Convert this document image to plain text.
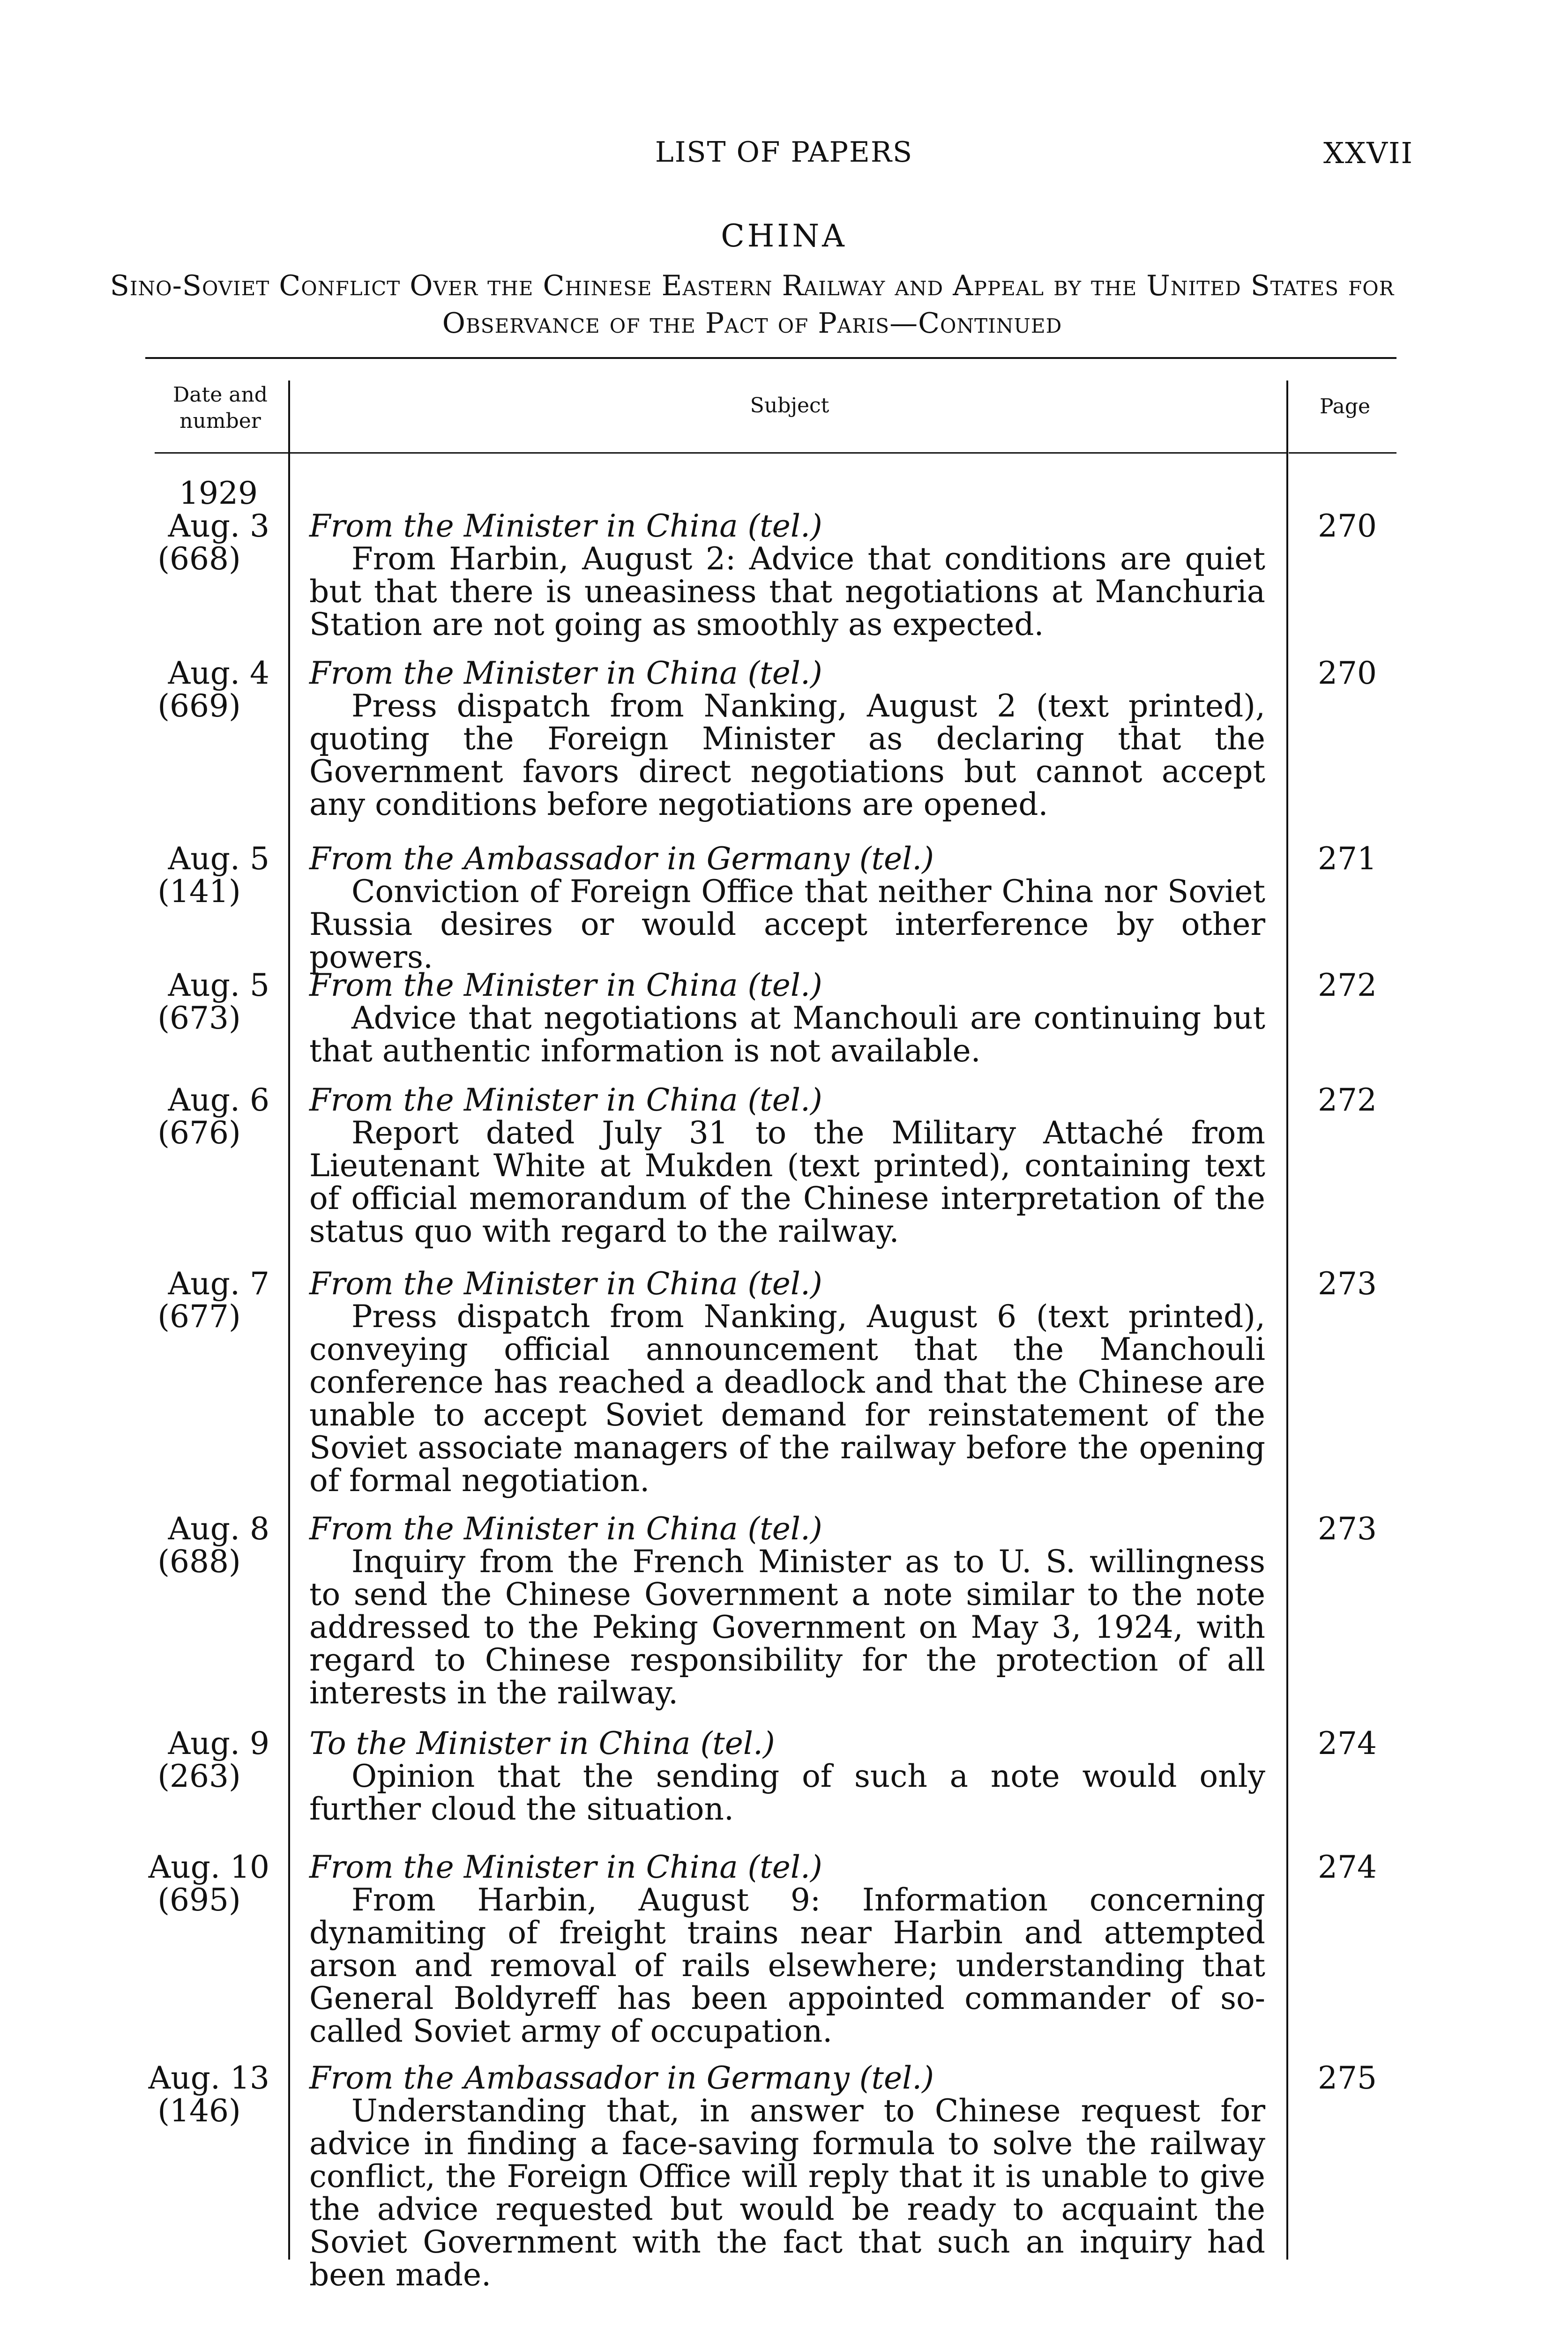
LIST OF PAPERS	XXVII
CHINA
Sino-Soviet Conflict Over the Chinese Eastern Railway and Appeal by the United States for Observance of the Pact of Paris—Continued
Date and number
Subject	Page
1929
Aug. 3
(668)
From the Minister in China (tel.)
From Harbin, August 2: Advice that conditions are quiet but that there is uneasiness that negotiations at Manchuria Station are not going as smoothly as expected.
270
Aug. 4
(669)
From the Minister in China (tel.)
Press dispatch from Nanking, August 2 (text printed), quoting the Foreign Minister as declaring that the Government favors direct negotiations but cannot accept any conditions before negotiations are opened.
270
Aug. 5
(141)
From the Ambassador in Germany (tel.)
Conviction of Foreign Office that neither China nor Soviet Russia desires or would accept interference by other powers.
271
Aug. 5
(673)
From the Minister in China (tel.)
Advice that negotiations at Manchouli are continuing but that authentic information is not available.
272
Aug. 6
(676)
From the Minister in China (tel.)
Report dated July 31 to the Military Attaché from Lieutenant White at Mukden (text printed), containing text of official memorandum of the Chinese interpretation of the status quo with regard to the railway.
272
Aug. 7
(677)
From the Minister in China (tel.)
Press dispatch from Nanking, August 6 (text printed), conveying official announcement that the Manchouli conference has reached a deadlock and that the Chinese are unable to accept Soviet demand for reinstatement of the Soviet associate managers of the railway before the opening of formal negotiation.
273
Aug. 8
(688)
From the Minister in China (tel.)
Inquiry from the French Minister as to U. S. willingness to send the Chinese Government a note similar to the note addressed to the Peking Government on May 3, 1924, with regard to Chinese responsibility for the protection of all interests in the railway.
273
Aug. 9
(263)
To the Minister in China (tel.)
Opinion that the sending of such a note would only further cloud the situation.
274
Aug. 10
(695)
From the Minister in China (tel.)
From Harbin, August 9: Information concerning dynamiting of freight trains near Harbin and attempted arson and removal of rails elsewhere; understanding that General Boldyreff has been appointed commander of so-called Soviet army of occupation.
274
Aug. 13
(146)
From the Ambassador in Germany (tel.)
Understanding that, in answer to Chinese request for advice in finding a face-saving formula to solve the railway conflict, the Foreign Office will reply that it is unable to give the advice requested but would be ready to acquaint the Soviet Government with the fact that such an inquiry had been made.
275
